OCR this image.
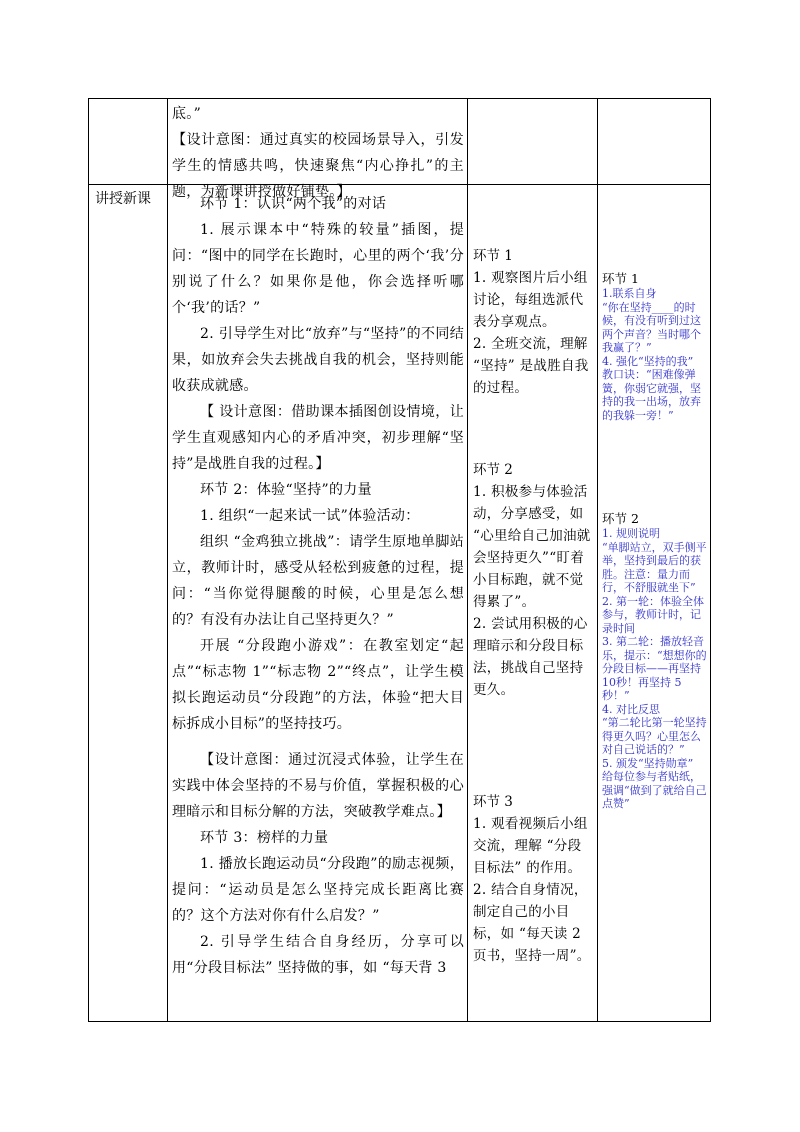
底。”

【设计意图：通过真实的校园场景导入，引发学生的情感共鸣，快速聚焦“内心挣扎”的主题，为新课讲授做好铺垫。】

讲授新课	环节 1：认识“两个我”的对话

1. 展示课本中“特殊的较量”插图，提问：“图中的同学在长跑时，心里的两个‘我’分别说了什么？如果你是他，你会选择听哪个‘我’的话？”

2. 引导学生对比“放弃”与“坚持”的不同结果，如放弃会失去挑战自我的机会，坚持则能收获成就感。

【 设计意图：借助课本插图创设情境，让学生直观感知内心的矛盾冲突，初步理解“坚持”是战胜自我的过程。】

环节 2：体验“坚持”的力量

1. 组织“一起来试一试”体验活动：

组织 “金鸡独立挑战”：请学生原地单脚站立，教师计时，感受从轻松到疲惫的过程，提问：“当你觉得腿酸的时候，心里是怎么想的？有没有办法让自己坚持更久？”

开展 “分段跑小游戏”：在教室划定“起点”“标志物 1”“标志物 2”“终点”，让学生模拟长跑运动员“分段跑”的方法，体验“把大目标拆成小目标”的坚持技巧。

【设计意图：通过沉浸式体验，让学生在实践中体会坚持的不易与价值，掌握积极的心理暗示和目标分解的方法，突破教学难点。】

环节 3：榜样的力量

1. 播放长跑运动员“分段跑”的励志视频，提问：“运动员是怎么坚持完成长距离比赛的？这个方法对你有什么启发？”

2. 引导学生结合自身经历，分享可以用“分段目标法” 坚持做的事，如 “每天背 3

环节 1

1. 观察图片后小组讨论，每组选派代表分享观点。

2. 全班交流，理解 “坚持” 是战胜自我的过程。

环节 2

1. 积极参与体验活动，分享感受，如 “心里给自己加油就会坚持更久”“盯着小目标跑，就不觉得累了”。

2. 尝试用积极的心理暗示和分段目标法，挑战自己坚持更久。

环节 3

1. 观看视频后小组交流，理解 “分段目标法” 的作用。

2. 结合自身情况，制定自己的小目标，如 “每天读 2 页书，坚持一周”。

环节 1

1.联系自身

“你在坚持____的时候，有没有听到过这两个声音？当时哪个我赢了？”

4. 强化“坚持的我”

教口诀：“困难像弹簧，你弱它就强，坚持的我一出场，放弃的我躲一旁！”

环节 2

1. 规则说明

“单脚站立，双手侧平举，坚持到最后的获胜。注意：量力而行，不舒服就坐下”

2. 第一轮：体验全体参与，教师计时，记录时间

3. 第二轮：播放轻音乐，提示：“想想你的分段目标——再坚持10秒！再坚持 5秒！”

4. 对比反思

“第二轮比第一轮坚持得更久吗？心里怎么对自己说话的？”

5. 颁发“坚持勋章”

给每位参与者贴纸，强调“做到了就给自己点赞”
